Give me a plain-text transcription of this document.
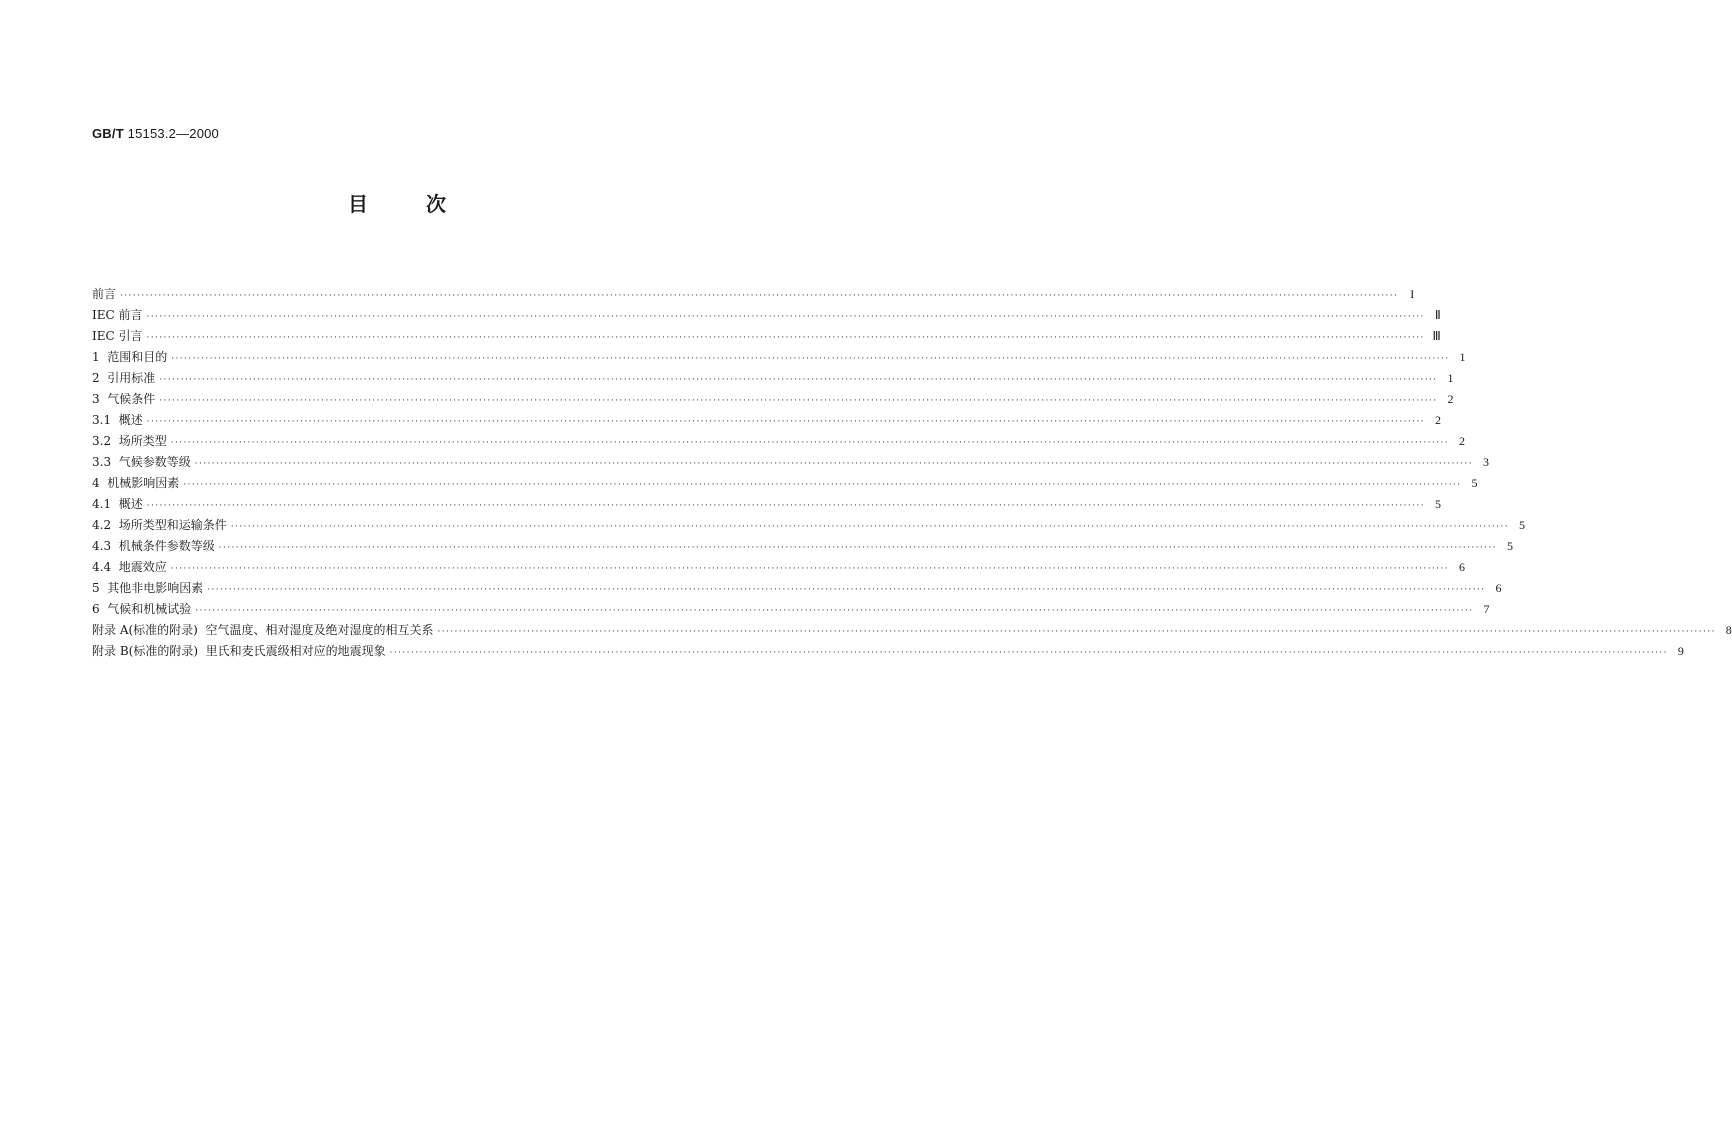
GB/T 15153.2—2000
目	次
前言 ············································································································································································································································································································	I
IEC 前言 ············································································································································································································································································································ Ⅱ
IEC 引言 ············································································································································································································································································································ Ⅲ
1  范围和目的 ············································································································································································································································································································ 1
2  引用标准 ············································································································································································································································································································ 1
3  气候条件 ············································································································································································································································································································ 2
3.1  概述 ············································································································································································································································································································ 2
3.2  场所类型 ············································································································································································································································································································ 2
3.3  气候参数等级 ············································································································································································································································································································ 3
4  机械影响因素 ············································································································································································································································································································ 5
4.1  概述 ············································································································································································································································································································ 5
4.2  场所类型和运输条件 ············································································································································································································································································································ 5
4.3  机械条件参数等级 ············································································································································································································································································································ 5
4.4  地震效应 ············································································································································································································································································································ 6
5  其他非电影响因素 ············································································································································································································································································································ 6
6  气候和机械试验 ············································································································································································································································································································ 7
附录 A(标准的附录)  空气温度、相对湿度及绝对湿度的相互关系 ············································································································································································································································································································ 8
附录 B(标准的附录)  里氏和麦氏震级相对应的地震现象 ············································································································································································································································································································ 9
